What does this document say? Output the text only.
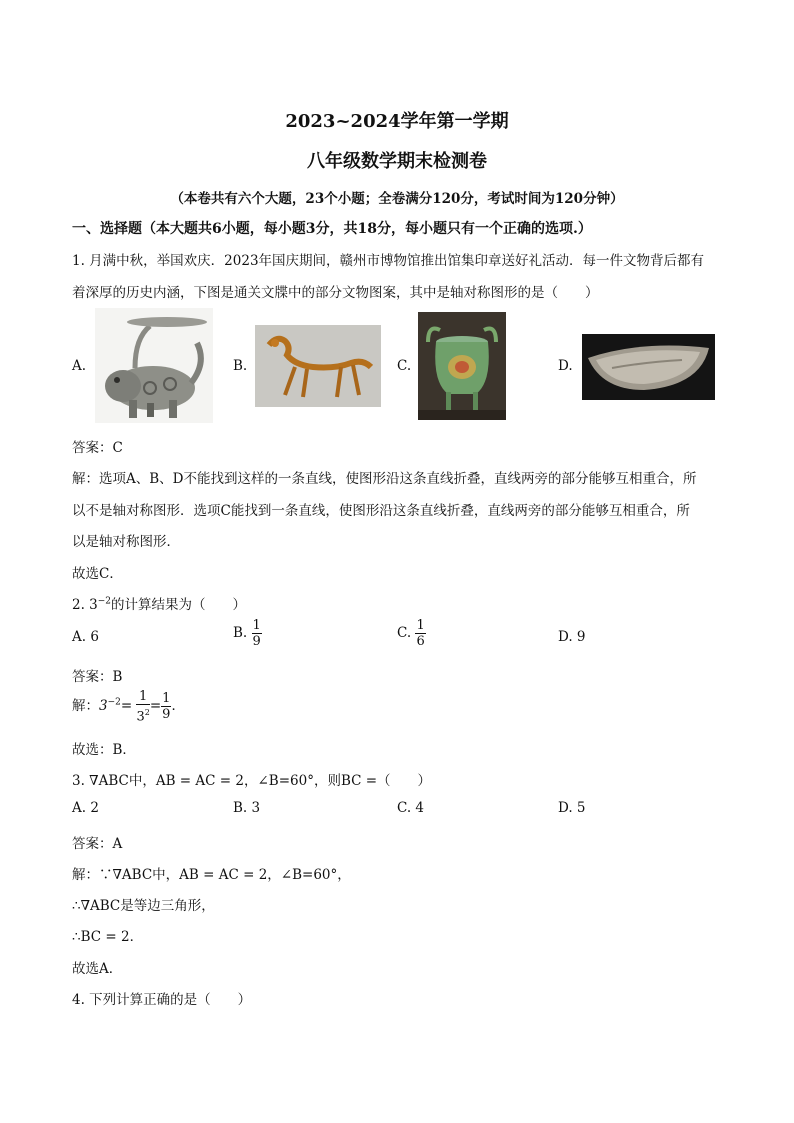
2023~2024学年第一学期
八年级数学期末检测卷
（本卷共有六个大题，23个小题；全卷满分120分，考试时间为120分钟）
一、选择题（本大题共6小题，每小题3分，共18分，每小题只有一个正确的选项.）
1. 月满中秋，举国欢庆．2023年国庆期间，赣州市博物馆推出馆集印章送好礼活动．每一件文物背后都有
着深厚的历史内涵，下图是通关文牒中的部分文物图案，其中是轴对称图形的是（　　）
A.	B.	C.	D.
答案：C
解：选项A、B、D不能找到这样的一条直线，使图形沿这条直线折叠，直线两旁的部分能够互相重合，所
以不是轴对称图形．选项C能找到一条直线，使图形沿这条直线折叠，直线两旁的部分能够互相重合，所
以是轴对称图形．
故选C．
2. $3^{-2}$的计算结果为（　　）
A. 6	B. $\frac{1}{9}$	C. $\frac{1}{6}$	D. 9
答案：B
解：$3^{-2}= \frac{1}{3^2} = \frac{1}{9}$ ．
故选：B．
3. ∇ABC中，AB = AC = 2，∠B=60°，则BC =（　　）
A. 2	B. 3	C. 4	D. 5
答案：A
解：∵∇ABC中，AB = AC = 2，∠B=60°，
∴∇ABC是等边三角形，
∴BC = 2．
故选A．
4. 下列计算正确的是（　　）
